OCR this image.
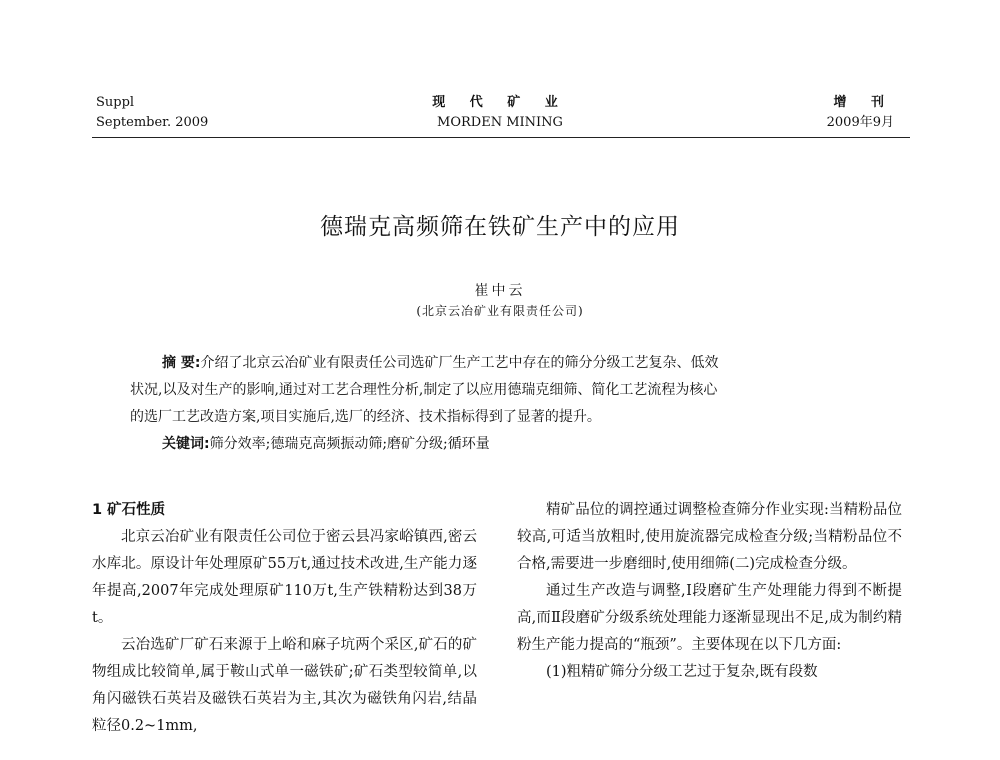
Suppl
September. 2009
现 代 矿 业
MORDEN MINING
增 刊
2009年9月
德瑞克高频筛在铁矿生产中的应用
崔中云
(北京云冶矿业有限责任公司)

摘 要:介绍了北京云冶矿业有限责任公司选矿厂生产工艺中存在的筛分分级工艺复杂、低效

状况,以及对生产的影响,通过对工艺合理性分析,制定了以应用德瑞克细筛、简化工艺流程为核心

的选厂工艺改造方案,项目实施后,选厂的经济、技术指标得到了显著的提升。

关键词:筛分效率;德瑞克高频振动筛;磨矿分级;循环量

1 矿石性质

北京云冶矿业有限责任公司位于密云县冯家峪镇西,密云水库北。原设计年处理原矿55万t,通过技术改进,生产能力逐年提高,2007年完成处理原矿110万t,生产铁精粉达到38万t。

云冶选矿厂矿石来源于上峪和麻子坑两个采区,矿石的矿物组成比较简单,属于鞍山式单一磁铁矿;矿石类型较简单,以角闪磁铁石英岩及磁铁石英岩为主,其次为磁铁角闪岩,结晶粒径0.2~1mm,

精矿品位的调控通过调整检查筛分作业实现:当精粉品位较高,可适当放粗时,使用旋流器完成检查分级;当精粉品位不合格,需要进一步磨细时,使用细筛(二)完成检查分级。

通过生产改造与调整,Ⅰ段磨矿生产处理能力得到不断提高,而Ⅱ段磨矿分级系统处理能力逐渐显现出不足,成为制约精粉生产能力提高的“瓶颈”。主要体现在以下几方面:

(1)粗精矿筛分分级工艺过于复杂,既有段数
